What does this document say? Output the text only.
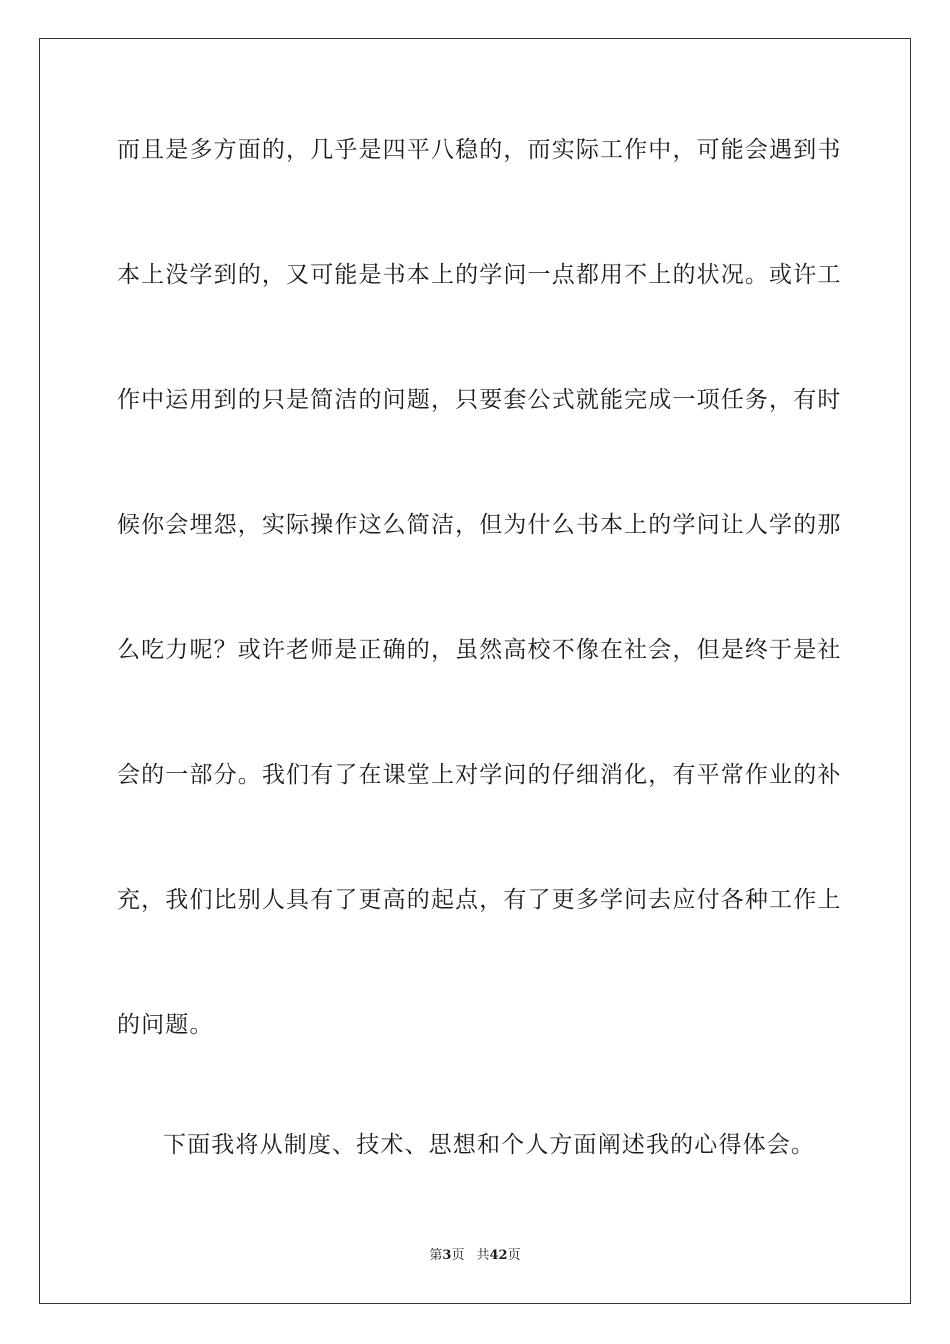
而且是多方面的，几乎是四平八稳的，而实际工作中，可能会遇到书
本上没学到的，又可能是书本上的学问一点都用不上的状况。或许工
作中运用到的只是简洁的问题，只要套公式就能完成一项任务，有时
候你会埋怨，实际操作这么简洁，但为什么书本上的学问让人学的那
么吃力呢？或许老师是正确的，虽然高校不像在社会，但是终于是社
会的一部分。我们有了在课堂上对学问的仔细消化，有平常作业的补
充，我们比别人具有了更高的起点，有了更多学问去应付各种工作上
的问题。
下面我将从制度、技术、思想和个人方面阐述我的心得体会。
第3页 共42页
